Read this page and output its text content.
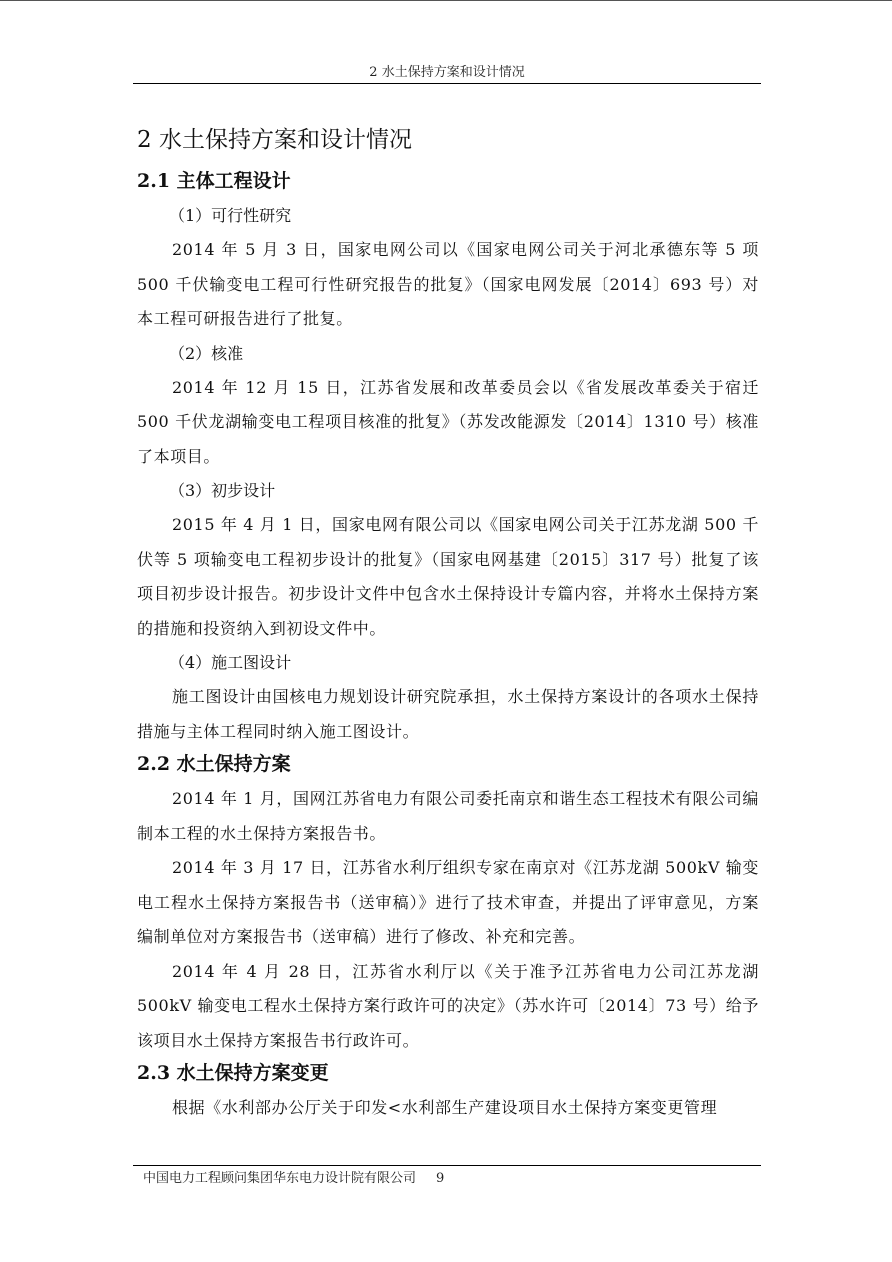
2 水土保持方案和设计情况
2 水土保持方案和设计情况
2.1 主体工程设计

（1）可行性研究

2014 年 5 月 3 日，国家电网公司以《国家电网公司关于河北承德东等 5 项 500 千伏输变电工程可行性研究报告的批复》（国家电网发展〔2014〕693 号）对本工程可研报告进行了批复。

（2）核准

2014 年 12 月 15 日，江苏省发展和改革委员会以《省发展改革委关于宿迁 500 千伏龙湖输变电工程项目核准的批复》（苏发改能源发〔2014〕1310 号）核准了本项目。

（3）初步设计

2015 年 4 月 1 日，国家电网有限公司以《国家电网公司关于江苏龙湖 500 千伏等 5 项输变电工程初步设计的批复》（国家电网基建〔2015〕317 号）批复了该项目初步设计报告。初步设计文件中包含水土保持设计专篇内容，并将水土保持方案的措施和投资纳入到初设文件中。

（4）施工图设计

施工图设计由国核电力规划设计研究院承担，水土保持方案设计的各项水土保持措施与主体工程同时纳入施工图设计。

2.2 水土保持方案

2014 年 1 月，国网江苏省电力有限公司委托南京和谐生态工程技术有限公司编制本工程的水土保持方案报告书。

2014 年 3 月 17 日，江苏省水利厅组织专家在南京对《江苏龙湖 500kV 输变电工程水土保持方案报告书（送审稿）》进行了技术审查，并提出了评审意见，方案编制单位对方案报告书（送审稿）进行了修改、补充和完善。

2014 年 4 月 28 日，江苏省水利厅以《关于准予江苏省电力公司江苏龙湖 500kV 输变电工程水土保持方案行政许可的决定》（苏水许可〔2014〕73 号）给予该项目水土保持方案报告书行政许可。

2.3 水土保持方案变更

根据《水利部办公厅关于印发<水利部生产建设项目水土保持方案变更管理

中国电力工程顾问集团华东电力设计院有限公司 9
